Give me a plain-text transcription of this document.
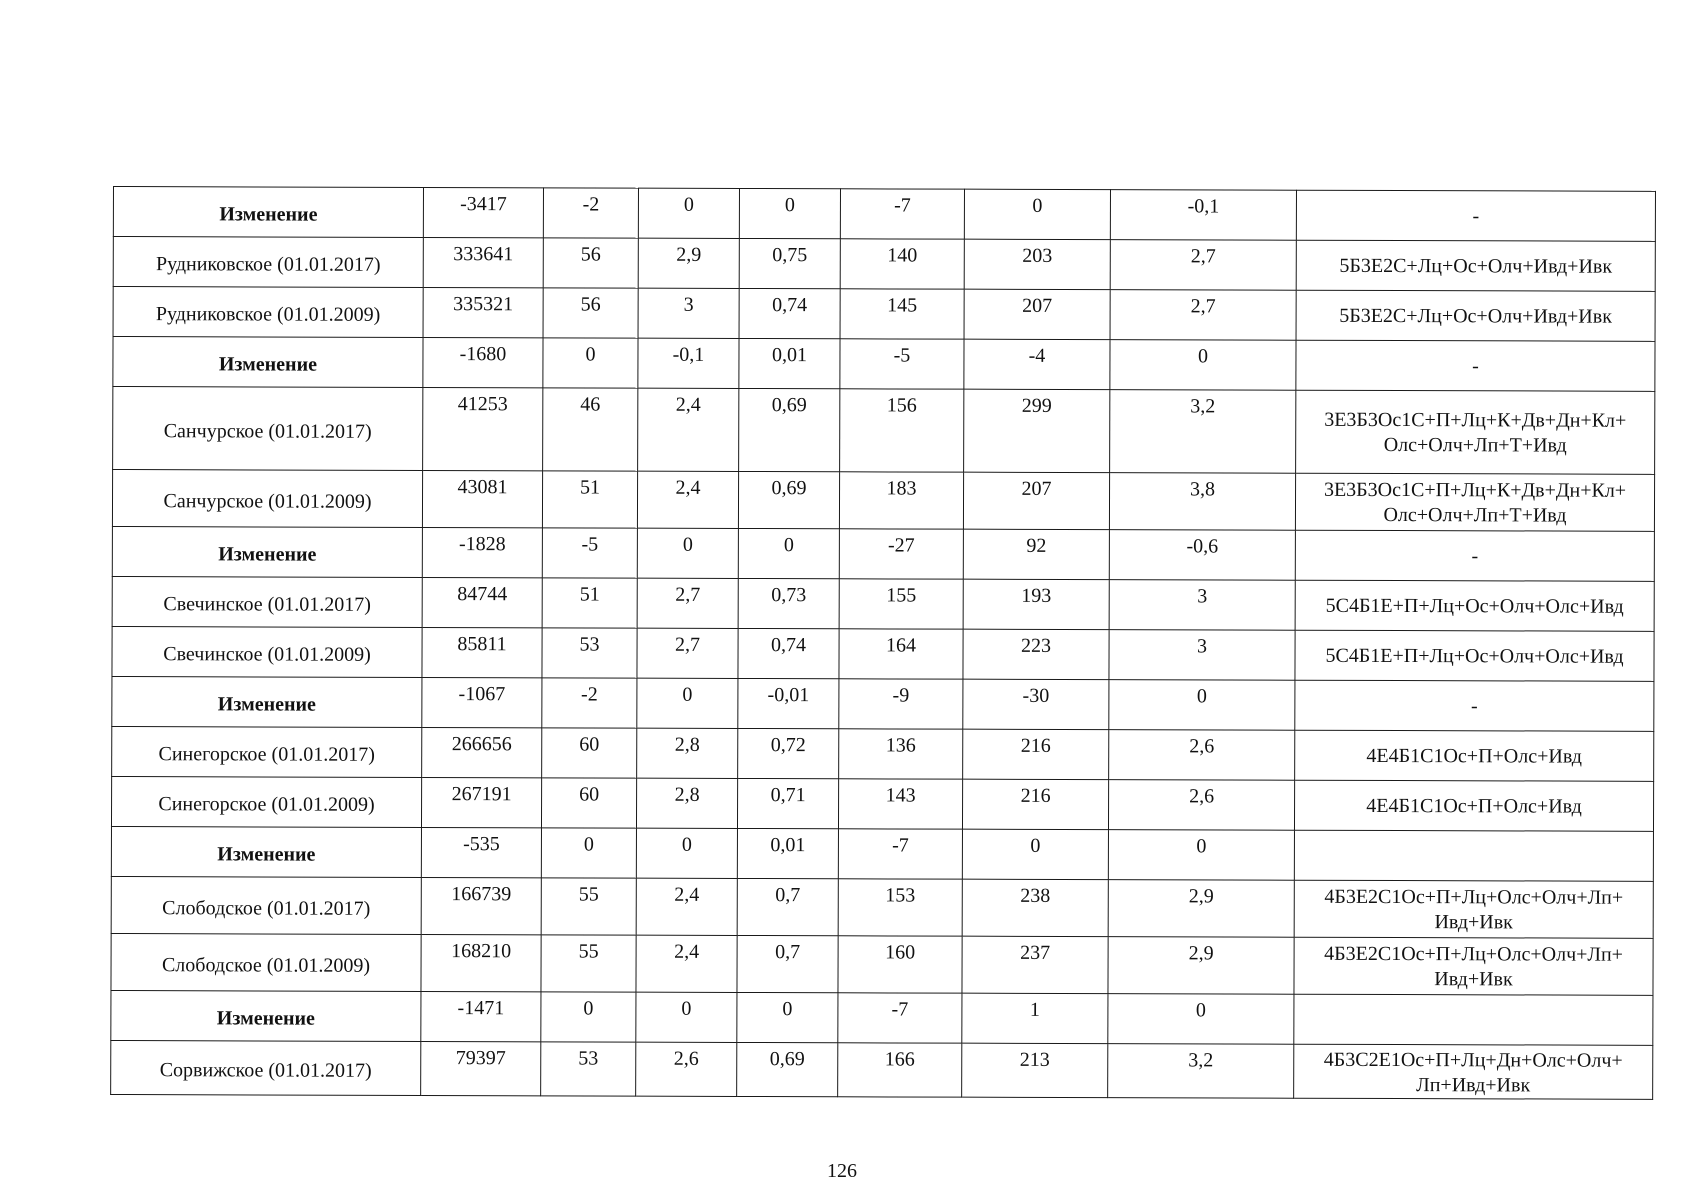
Изменение	-3417	-2	0	0	-7	0	-0,1	-
Рудниковское (01.01.2017)	333641	56	2,9	0,75	140	203	2,7	5Б3Е2С+Лц+Ос+Олч+Ивд+Ивк
Рудниковское (01.01.2009)	335321	56	3	0,74	145	207	2,7	5Б3Е2С+Лц+Ос+Олч+Ивд+Ивк
Изменение	-1680	0	-0,1	0,01	-5	-4	0	-
Санчурское (01.01.2017)	41253	46	2,4	0,69	156	299	3,2	3Е3Б3Ос1С+П+Лц+К+Дв+Дн+Кл+ Олс+Олч+Лп+Т+Ивд
Санчурское (01.01.2009)	43081	51	2,4	0,69	183	207	3,8	3Е3Б3Ос1С+П+Лц+К+Дв+Дн+Кл+ Олс+Олч+Лп+Т+Ивд
Изменение	-1828	-5	0	0	-27	92	-0,6	-
Свечинское (01.01.2017)	84744	51	2,7	0,73	155	193	3	5С4Б1Е+П+Лц+Ос+Олч+Олс+Ивд
Свечинское (01.01.2009)	85811	53	2,7	0,74	164	223	3	5С4Б1Е+П+Лц+Ос+Олч+Олс+Ивд
Изменение	-1067	-2	0	-0,01	-9	-30	0	-
Синегорское (01.01.2017)	266656	60	2,8	0,72	136	216	2,6	4Е4Б1С1Ос+П+Олс+Ивд
Синегорское (01.01.2009)	267191	60	2,8	0,71	143	216	2,6	4Е4Б1С1Ос+П+Олс+Ивд
Изменение	-535	0	0	0,01	-7	0	0	
Слободское (01.01.2017)	166739	55	2,4	0,7	153	238	2,9	4Б3Е2С1Ос+П+Лц+Олс+Олч+Лп+ Ивд+Ивк
Слободское (01.01.2009)	168210	55	2,4	0,7	160	237	2,9	4Б3Е2С1Ос+П+Лц+Олс+Олч+Лп+ Ивд+Ивк
Изменение	-1471	0	0	0	-7	1	0	
Сорвижское (01.01.2017)	79397	53	2,6	0,69	166	213	3,2	4Б3С2Е1Ос+П+Лц+Дн+Олс+Олч+ Лп+Ивд+Ивк
126
